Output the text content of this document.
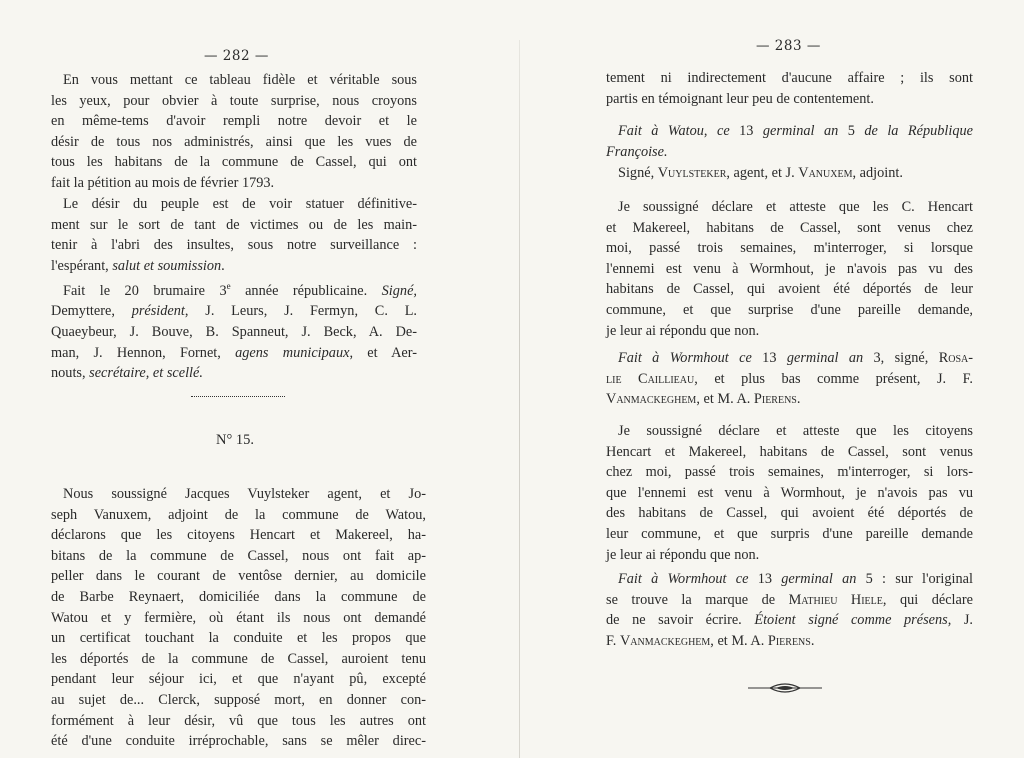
— 282 —
En vous mettant ce tableau fidèle et véritable sous
les yeux, pour obvier à toute surprise, nous croyons
en même-tems d'avoir rempli notre devoir et le
désir de tous nos administrés, ainsi que les vues de
tous les habitans de la commune de Cassel, qui ont
fait la pétition au mois de février 1793.
Le désir du peuple est de voir statuer définitive-
ment sur le sort de tant de victimes ou de les main-
tenir à l'abri des insultes, sous notre surveillance :
l'espérant, salut et soumission.
Fait le 20 brumaire 3e année républicaine. Signé,
Demyttere, président, J. Leurs, J. Fermyn, C. L.
Quaeybeur, J. Bouve, B. Spanneut, J. Beck, A. De-
man, J. Hennon, Fornet, agens municipaux, et Aer-
nouts, secrétaire, et scellé.
N° 15.
Nous soussigné Jacques Vuylsteker agent, et Jo-
seph Vanuxem, adjoint de la commune de Watou,
déclarons que les citoyens Hencart et Makereel, ha-
bitans de la commune de Cassel, nous ont fait ap-
peller dans le courant de ventôse dernier, au domicile
de Barbe Reynaert, domiciliée dans la commune de
Watou et y fermière, où étant ils nous ont demandé
un certificat touchant la conduite et les propos que
les déportés de la commune de Cassel, auroient tenu
pendant leur séjour ici, et que n'ayant pû, excepté
au sujet de... Clerck, supposé mort, en donner con-
formément à leur désir, vû que tous les autres ont
été d'une conduite irréprochable, sans se mêler direc-
— 283 —
tement ni indirectement d'aucune affaire ; ils sont
partis en témoignant leur peu de contentement.
Fait à Watou, ce 13 germinal an 5 de la République
Françoise.
Signé, Vuylsteker, agent, et J. Vanuxem, adjoint.
Je soussigné déclare et atteste que les C. Hencart
et Makereel, habitans de Cassel, sont venus chez
moi, passé trois semaines, m'interroger, si lorsque
l'ennemi est venu à Wormhout, je n'avois pas vu des
habitans de Cassel, qui avoient été déportés de leur
commune, et que surprise d'une pareille demande,
je leur ai répondu que non.
Fait à Wormhout ce 13 germinal an 3, signé, Rosa-
lie Caillieau, et plus bas comme présent, J. F.
Vanmackeghem, et M. A. Pierens.
Je soussigné déclare et atteste que les citoyens
Hencart et Makereel, habitans de Cassel, sont venus
chez moi, passé trois semaines, m'interroger, si lors-
que l'ennemi est venu à Wormhout, je n'avois pas vu
des habitans de Cassel, qui avoient été déportés de
leur commune, et que surpris d'une pareille demande
je leur ai répondu que non.
Fait à Wormhout ce 13 germinal an 5 : sur l'original
se trouve la marque de Mathieu Hiele, qui déclare
de ne savoir écrire. Étoient signé comme présens, J.
F. Vanmackeghem, et M. A. Pierens.
